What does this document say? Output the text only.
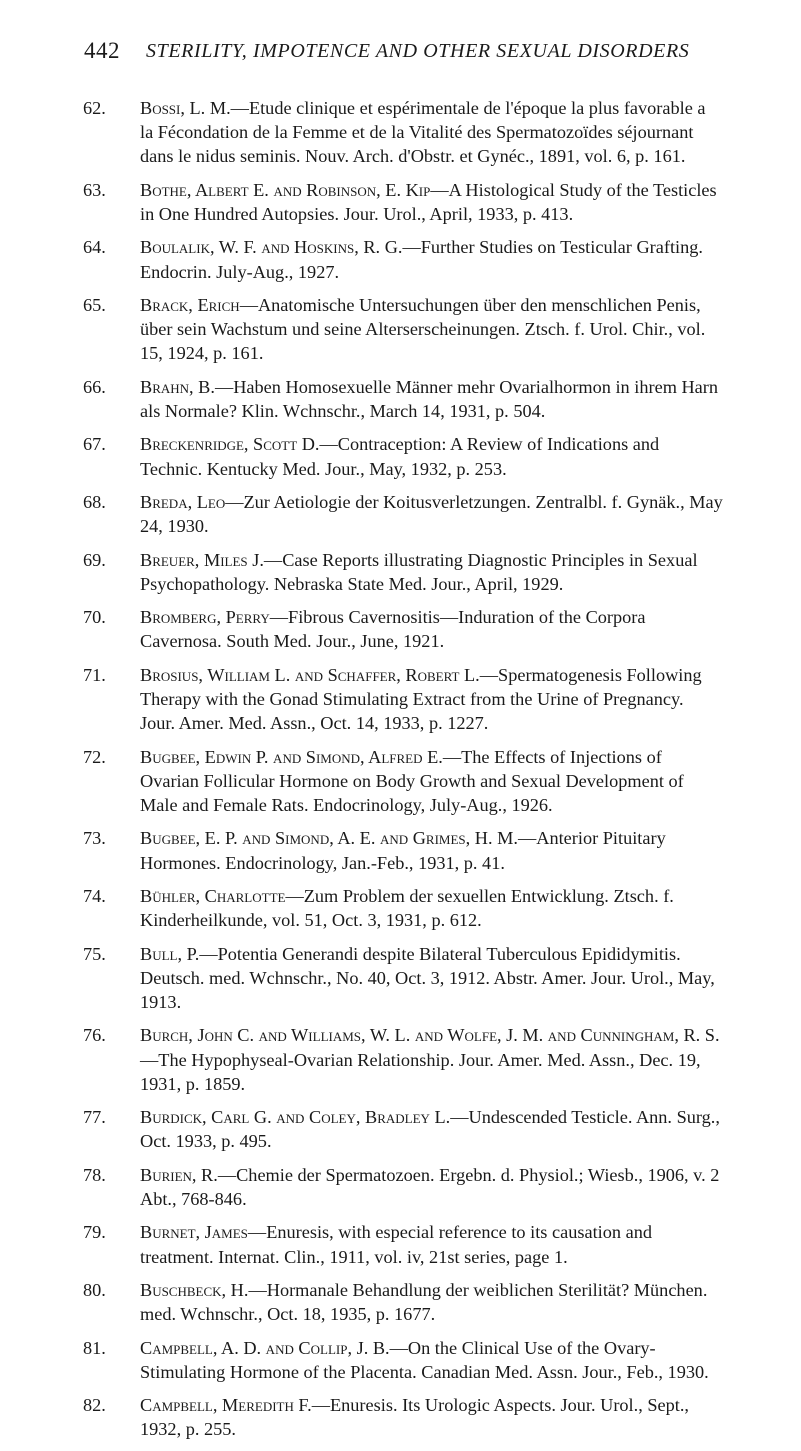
442 STERILITY, IMPOTENCE AND OTHER SEXUAL DISORDERS
62.	Bossi, L. M.—Etude clinique et espérimentale de l'époque la plus favorable a la Fécondation de la Femme et de la Vitalité des Spermatozoïdes séjournant dans le nidus seminis. Nouv. Arch. d'Obstr. et Gynéc., 1891, vol. 6, p. 161.
63.	Bothe, Albert E. and Robinson, E. Kip—A Histological Study of the Testicles in One Hundred Autopsies. Jour. Urol., April, 1933, p. 413.
64.	Boulalik, W. F. and Hoskins, R. G.—Further Studies on Testicular Grafting. Endocrin. July-Aug., 1927.
65.	Brack, Erich—Anatomische Untersuchungen über den menschlichen Penis, über sein Wachstum und seine Alterserscheinungen. Ztsch. f. Urol. Chir., vol. 15, 1924, p. 161.
66.	Brahn, B.—Haben Homosexuelle Männer mehr Ovarialhormon in ihrem Harn als Normale? Klin. Wchnschr., March 14, 1931, p. 504.
67.	Breckenridge, Scott D.—Contraception: A Review of Indications and Technic. Kentucky Med. Jour., May, 1932, p. 253.
68.	Breda, Leo—Zur Aetiologie der Koitusverletzungen. Zentralbl. f. Gynäk., May 24, 1930.
69.	Breuer, Miles J.—Case Reports illustrating Diagnostic Principles in Sexual Psychopathology. Nebraska State Med. Jour., April, 1929.
70.	Bromberg, Perry—Fibrous Cavernositis—Induration of the Corpora Cavernosa. South Med. Jour., June, 1921.
71.	Brosius, William L. and Schaffer, Robert L.—Spermatogenesis Following Therapy with the Gonad Stimulating Extract from the Urine of Pregnancy. Jour. Amer. Med. Assn., Oct. 14, 1933, p. 1227.
72.	Bugbee, Edwin P. and Simond, Alfred E.—The Effects of Injections of Ovarian Follicular Hormone on Body Growth and Sexual Development of Male and Female Rats. Endocrinology, July-Aug., 1926.
73.	Bugbee, E. P. and Simond, A. E. and Grimes, H. M.—Anterior Pituitary Hormones. Endocrinology, Jan.-Feb., 1931, p. 41.
74.	Bühler, Charlotte—Zum Problem der sexuellen Entwicklung. Ztsch. f. Kinderheilkunde, vol. 51, Oct. 3, 1931, p. 612.
75.	Bull, P.—Potentia Generandi despite Bilateral Tuberculous Epididymitis. Deutsch. med. Wchnschr., No. 40, Oct. 3, 1912. Abstr. Amer. Jour. Urol., May, 1913.
76.	Burch, John C. and Williams, W. L. and Wolfe, J. M. and Cunningham, R. S.—The Hypophyseal-Ovarian Relationship. Jour. Amer. Med. Assn., Dec. 19, 1931, p. 1859.
77.	Burdick, Carl G. and Coley, Bradley L.—Undescended Testicle. Ann. Surg., Oct. 1933, p. 495.
78.	Burien, R.—Chemie der Spermatozoen. Ergebn. d. Physiol.; Wiesb., 1906, v. 2 Abt., 768-846.
79.	Burnet, James—Enuresis, with especial reference to its causation and treatment. Internat. Clin., 1911, vol. iv, 21st series, page 1.
80.	Buschbeck, H.—Hormanale Behandlung der weiblichen Sterilität? München. med. Wchnschr., Oct. 18, 1935, p. 1677.
81.	Campbell, A. D. and Collip, J. B.—On the Clinical Use of the Ovary-Stimulating Hormone of the Placenta. Canadian Med. Assn. Jour., Feb., 1930.
82.	Campbell, Meredith F.—Enuresis. Its Urologic Aspects. Jour. Urol., Sept., 1932, p. 255.
